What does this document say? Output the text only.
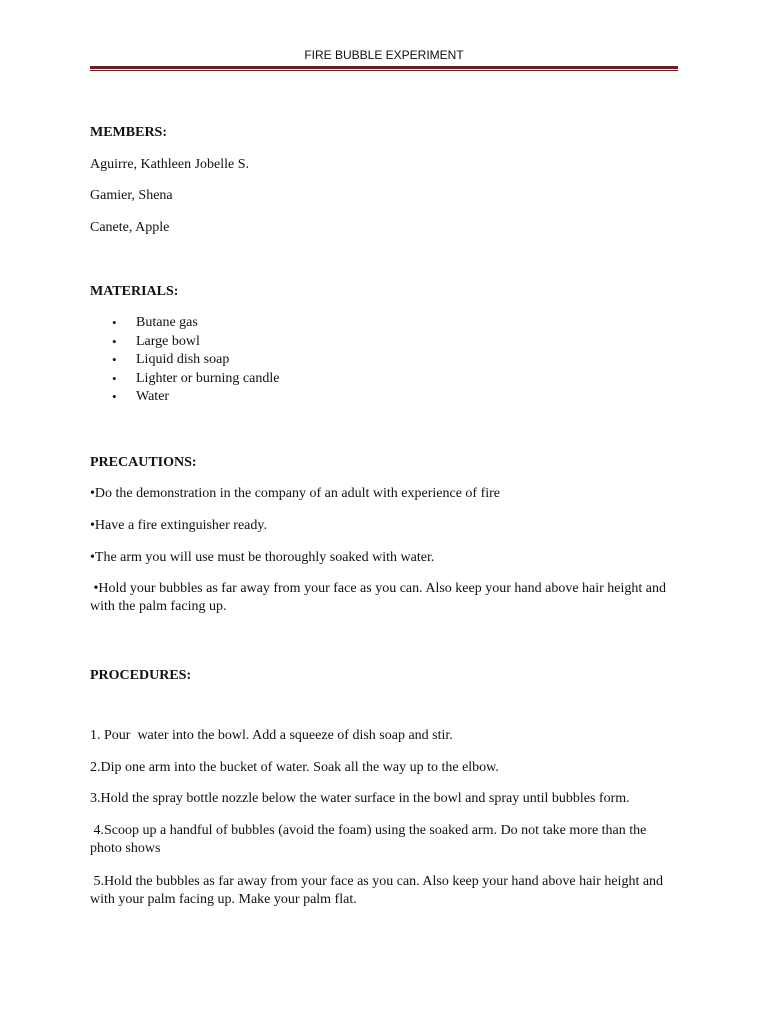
FIRE BUBBLE EXPERIMENT

MEMBERS:

Aguirre, Kathleen Jobelle S.

Gamier, Shena

Canete, Apple

MATERIALS:

• Butane gas
• Large bowl
• Liquid dish soap
• Lighter or burning candle
• Water

PRECAUTIONS:

•Do the demonstration in the company of an adult with experience of fire

•Have a fire extinguisher ready.

•The arm you will use must be thoroughly soaked with water.

•Hold your bubbles as far away from your face as you can. Also keep your hand above hair height and with the palm facing up.

PROCEDURES:

1. Pour  water into the bowl. Add a squeeze of dish soap and stir.

2.Dip one arm into the bucket of water. Soak all the way up to the elbow.

3.Hold the spray bottle nozzle below the water surface in the bowl and spray until bubbles form.

4.Scoop up a handful of bubbles (avoid the foam) using the soaked arm. Do not take more than the photo shows

5.Hold the bubbles as far away from your face as you can. Also keep your hand above hair height and with your palm facing up. Make your palm flat.
